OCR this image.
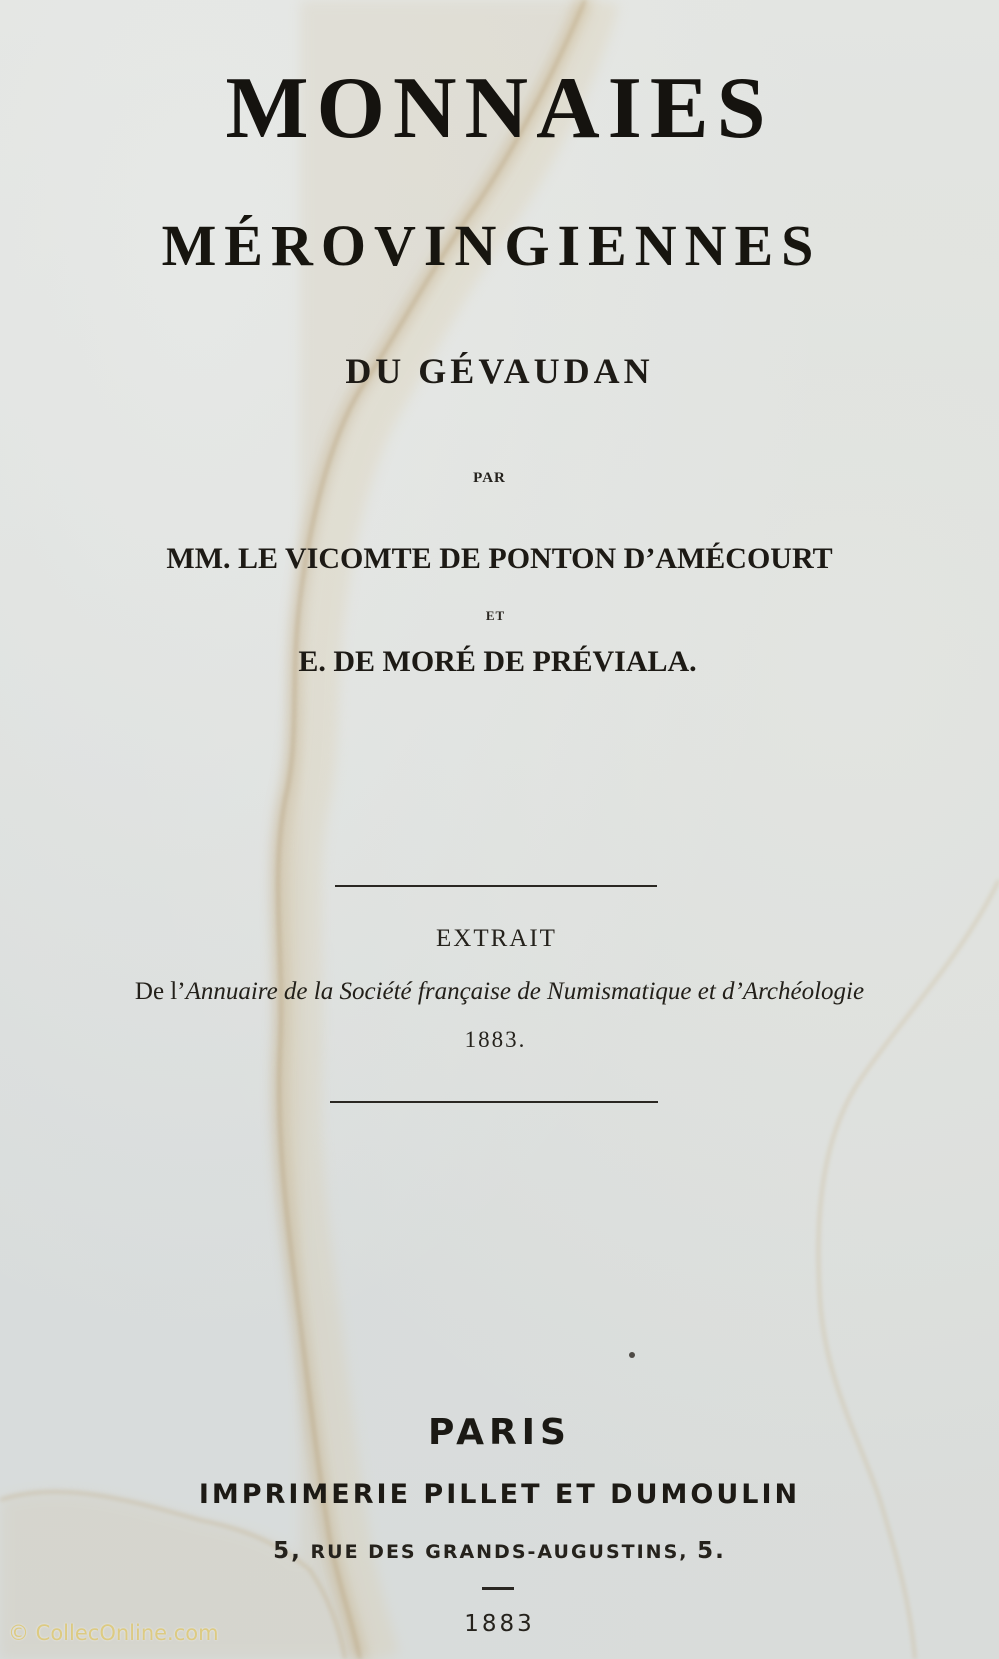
MONNAIES
MÉROVINGIENNES
DU GÉVAUDAN
PAR
MM. LE VICOMTE DE PONTON D’AMÉCOURT
ET
E. DE MORÉ DE PRÉVIALA.
EXTRAIT
De l’Annuaire de la Société française de Numismatique et d’Archéologie
1883.
PARIS
IMPRIMERIE PILLET ET DUMOULIN
5, RUE DES GRANDS-AUGUSTINS, 5.
1883
© CollecOnline.com
